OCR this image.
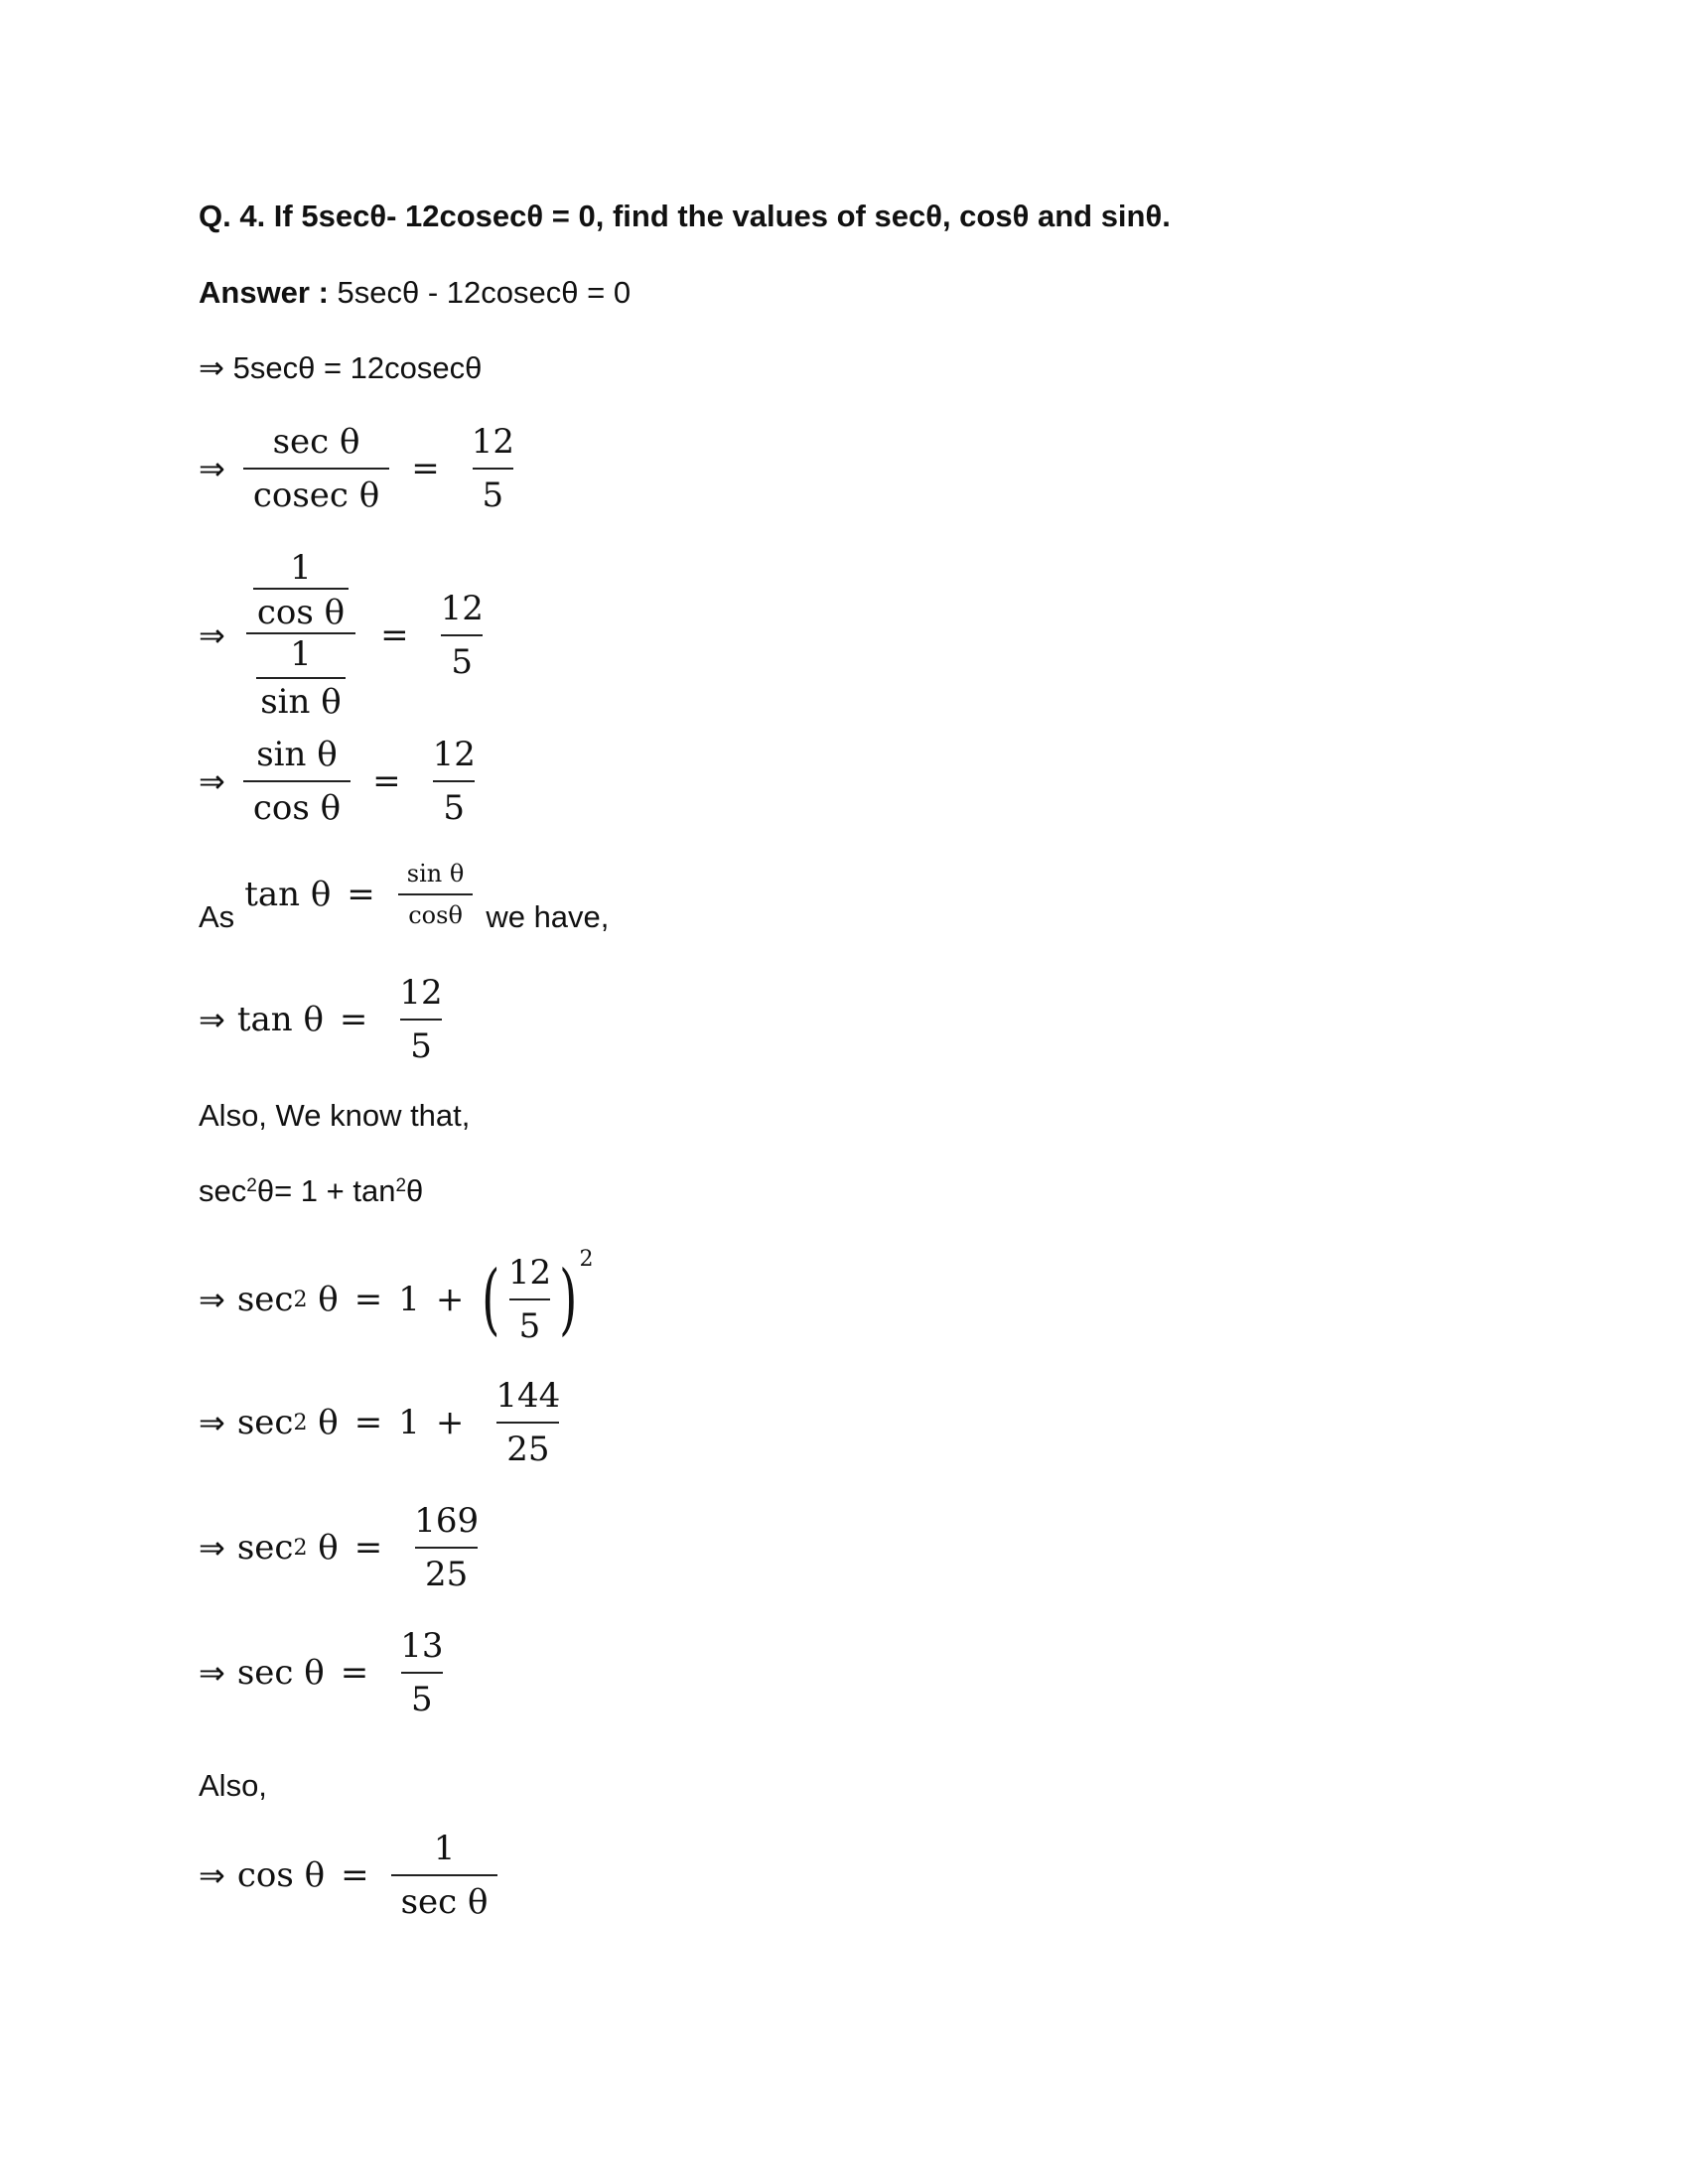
Q. 4. If 5secθ- 12cosecθ = 0, find the values of secθ, cosθ and sinθ.
Answer : 5secθ - 12cosecθ = 0
⇒ 5secθ = 12cosecθ
⇒ $\frac{\text{sec θ}}{\text{cosec θ}} = \frac{12}{5}$
⇒ $\frac{\frac{1}{\text{cos θ}}}{\frac{1}{\text{sin θ}}} = \frac{12}{5}$
⇒ $\frac{\text{sin θ}}{\text{cos θ}} = \frac{12}{5}$
As
$\tan \theta = \frac{\text{sin θ}}{\cos\theta}$ we have,
⇒ $\tan \theta = \frac{12}{5}$
Also, We know that,
$\sec^2\theta= 1 + \tan^2\theta$
⇒ sec 2
θ = 1 + (
$\frac{12}{5}$
) 2
⇒ sec 2
$\theta = 1 + \frac{144}{25}$
⇒ sec 2
$\theta = \frac{169}{25}$
⇒ $\sec \theta = \frac{13}{5}$
Also,
⇒ $\cos \theta = \frac{1}{\text{sec θ}}$
